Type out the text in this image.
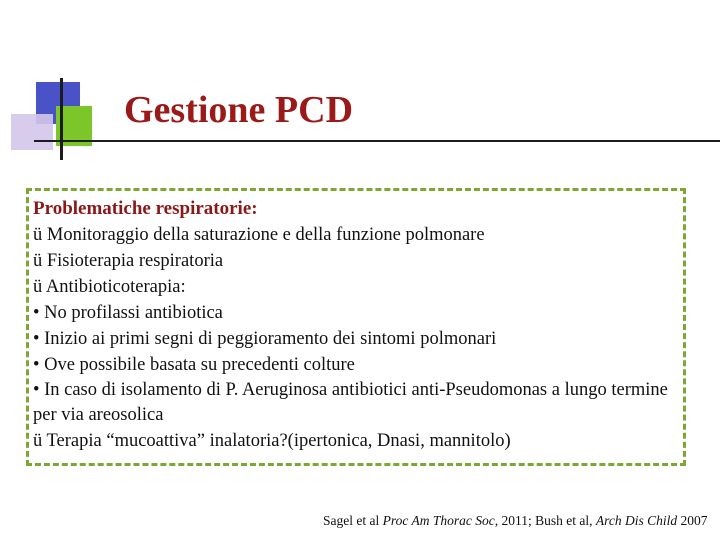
Gestione PCD
Problematiche respiratorie:
ü Monitoraggio della saturazione e della funzione polmonare
ü Fisioterapia respiratoria
ü Antibioticoterapia:
• No profilassi antibiotica
• Inizio ai primi segni di peggioramento dei sintomi polmonari
• Ove possibile basata su precedenti colture
• In caso di isolamento di P. Aeruginosa antibiotici anti-Pseudomonas a lungo termine per via areosolica
ü Terapia “mucoattiva” inalatoria?(ipertonica, Dnasi, mannitolo)
Sagel et al Proc Am Thorac Soc, 2011; Bush et al, Arch Dis Child 2007
